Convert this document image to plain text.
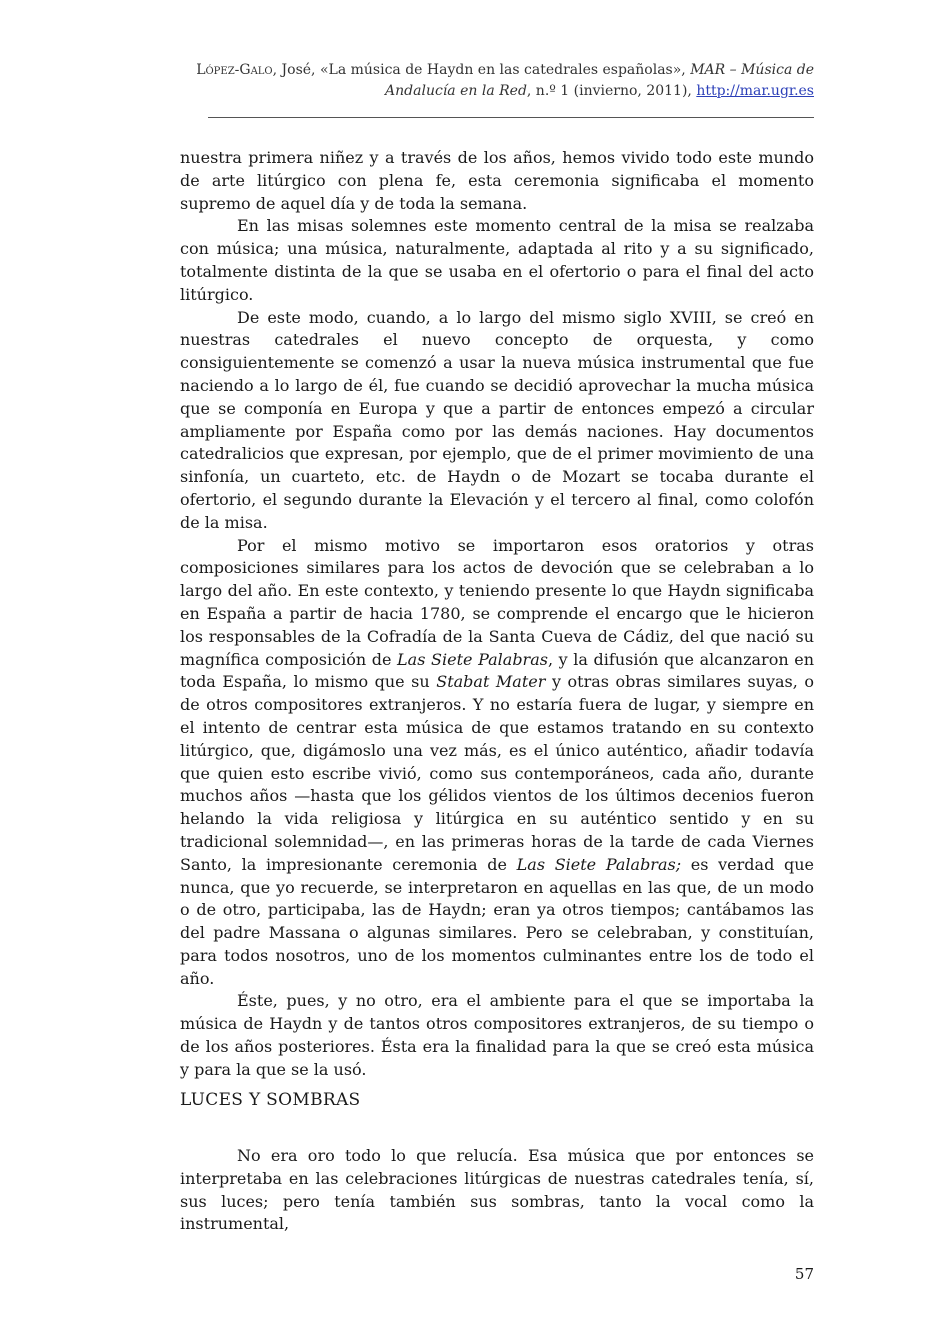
López-Galo, José, «La música de Haydn en las catedrales españolas», MAR – Música de Andalucía en la Red, n.º 1 (invierno, 2011), http://mar.ugr.es

nuestra primera niñez y a través de los años, hemos vivido todo este mundo de arte litúrgico con plena fe, esta ceremonia significaba el momento supremo de aquel día y de toda la semana.

En las misas solemnes este momento central de la misa se realzaba con música; una música, naturalmente, adaptada al rito y a su significado, totalmente distinta de la que se usaba en el ofertorio o para el final del acto litúrgico.

De este modo, cuando, a lo largo del mismo siglo XVIII, se creó en nuestras catedrales el nuevo concepto de orquesta, y como consiguientemente se comenzó a usar la nueva música instrumental que fue naciendo a lo largo de él, fue cuando se decidió aprovechar la mucha música que se componía en Europa y que a partir de entonces empezó a circular ampliamente por España como por las demás naciones. Hay documentos catedralicios que expresan, por ejemplo, que de el primer movimiento de una sinfonía, un cuarteto, etc. de Haydn o de Mozart se tocaba durante el ofertorio, el segundo durante la Elevación y el tercero al final, como colofón de la misa.

Por el mismo motivo se importaron esos oratorios y otras composiciones similares para los actos de devoción que se celebraban a lo largo del año. En este contexto, y teniendo presente lo que Haydn significaba en España a partir de hacia 1780, se comprende el encargo que le hicieron los responsables de la Cofradía de la Santa Cueva de Cádiz, del que nació su magnífica composición de Las Siete Palabras, y la difusión que alcanzaron en toda España, lo mismo que su Stabat Mater y otras obras similares suyas, o de otros compositores extranjeros. Y no estaría fuera de lugar, y siempre en el intento de centrar esta música de que estamos tratando en su contexto litúrgico, que, digámoslo una vez más, es el único auténtico, añadir todavía que quien esto escribe vivió, como sus contemporáneos, cada año, durante muchos años —hasta que los gélidos vientos de los últimos decenios fueron helando la vida religiosa y litúrgica en su auténtico sentido y en su tradicional solemnidad—, en las primeras horas de la tarde de cada Viernes Santo, la impresionante ceremonia de Las Siete Palabras; es verdad que nunca, que yo recuerde, se interpretaron en aquellas en las que, de un modo o de otro, participaba, las de Haydn; eran ya otros tiempos; cantábamos las del padre Massana o algunas similares. Pero se celebraban, y constituían, para todos nosotros, uno de los momentos culminantes entre los de todo el año.

Éste, pues, y no otro, era el ambiente para el que se importaba la música de Haydn y de tantos otros compositores extranjeros, de su tiempo o de los años posteriores. Ésta era la finalidad para la que se creó esta música y para la que se la usó.

LUCES Y SOMBRAS

No era oro todo lo que relucía. Esa música que por entonces se interpretaba en las celebraciones litúrgicas de nuestras catedrales tenía, sí, sus luces; pero tenía también sus sombras, tanto la vocal como la instrumental,

57
